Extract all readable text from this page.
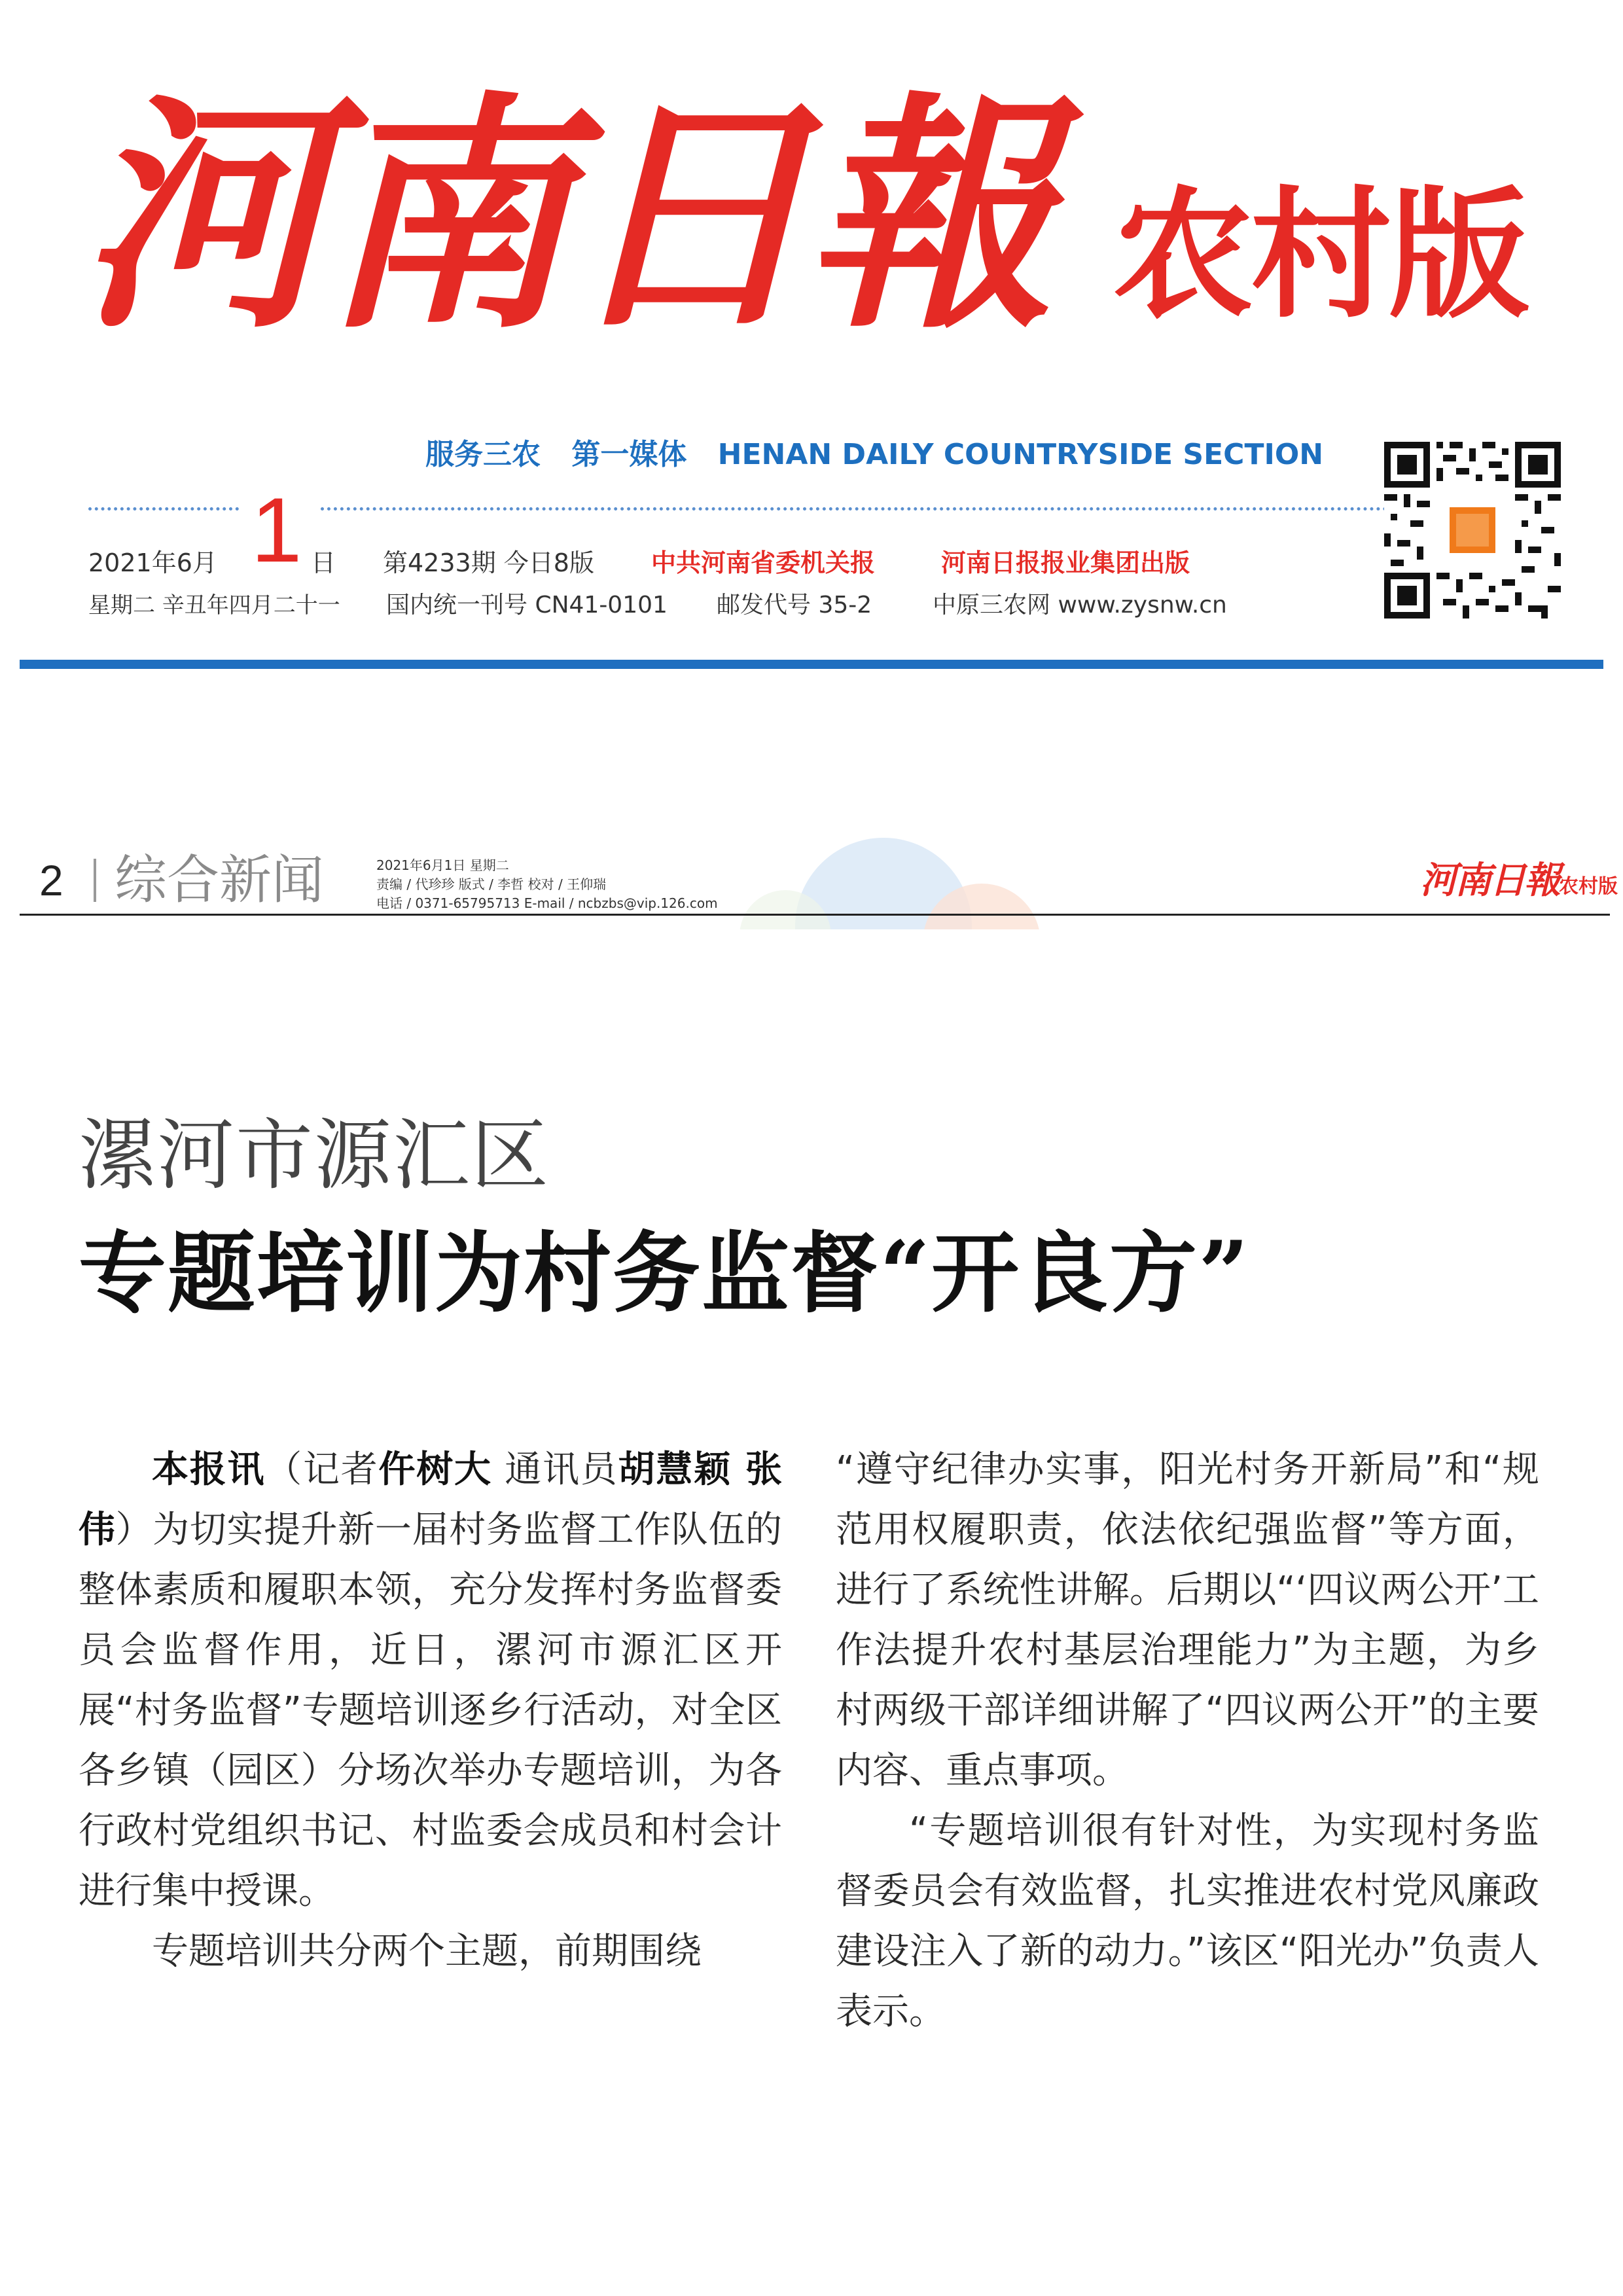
河南日報 农村版
服务三农 第一媒体 HENAN DAILY COUNTRYSIDE SECTION
2021年6月 1 日 第4233期 今日8版 中共河南省委机关报	河南日报报业集团出版
星期二 辛丑年四月二十一 国内统一刊号 CN41-0101 邮发代号 35-2	中原三农网 www.zysnw.cn
2 综合新闻	2021年6月1日 星期二
责编 / 代珍珍 版式 / 李哲 校对 / 王仰瑞
电话 / 0371-65795713 E-mail / ncbzbs@vip.126.com
河南日報农村版
漯河市源汇区
专题培训为村务监督“开良方”

本报讯（记者仵树大 通讯员胡慧颖 张伟）为切实提升新一届村务监督工作队伍的整体素质和履职本领，充分发挥村务监督委员会监督作用，近日，漯河市源汇区开展“村务监督”专题培训逐乡行活动，对全区各乡镇（园区）分场次举办专题培训，为各行政村党组织书记、村监委会成员和村会计进行集中授课。

专题培训共分两个主题，前期围绕

“遵守纪律办实事，阳光村务开新局”和“规范用权履职责，依法依纪强监督”等方面，进行了系统性讲解。后期以“‘四议两公开’工作法提升农村基层治理能力”为主题，为乡村两级干部详细讲解了“四议两公开”的主要内容、重点事项。

“专题培训很有针对性，为实现村务监督委员会有效监督，扎实推进农村党风廉政建设注入了新的动力。”该区“阳光办”负责人表示。
